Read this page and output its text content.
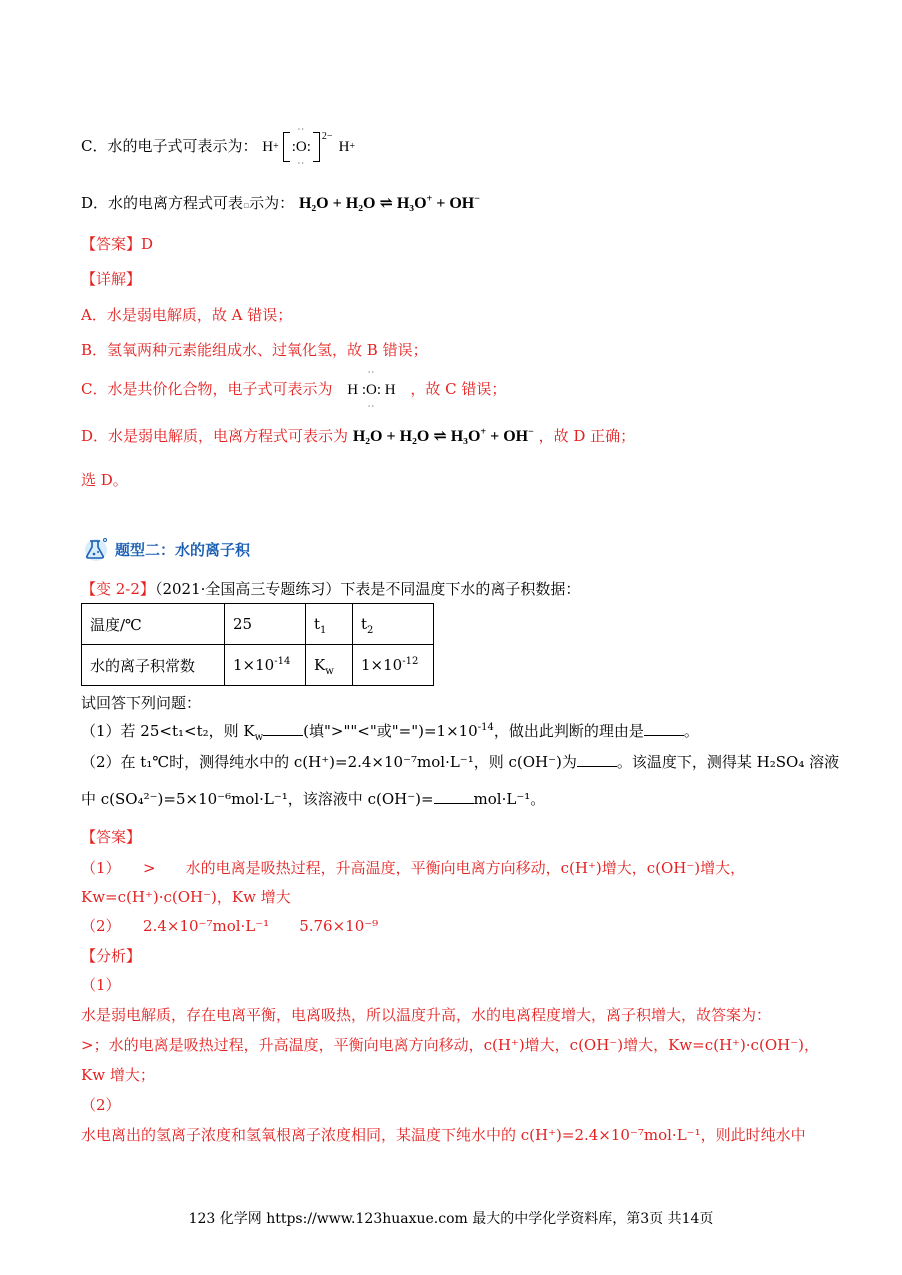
C．水的电子式可表示为： H +
··
:O:
··
$^{2-}$
H +
D．水的电离方程式可表▫示为： H₂O + H₂O ⇌ H₃O+ + OH−
【答案】D
【详解】
A．水是弱电解质，故 A 错误；
B．氢氧两种元素能组成水、过氧化氢，故 B 错误；
C．水是共价化合物，电子式可表示为
··
H :O: H
··
，故 C 错误；
D．水是弱电解质，电离方程式可表示为 H₂O + H₂O ⇌ H₃O+ + OH− ，故 D 正确；
选 D。
题型二：水的离子积
【变 2-2】（2021·全国高三专题练习）下表是不同温度下水的离子积数据：
温度/℃	25	$t_1$	$t_2$
水的离子积常数	$1\times 10^{-14}$	$K_w$	$1\times 10^{-12}$
试回答下列问题：
（1）若 25<t₁<t₂，则 $K_w$	(填">""<"或"$=")=1\times 10^{-14}$，做出此判断的理由是	。
（2）在 t₁℃时，测得纯水中的 c(H⁺)=2.4×10⁻⁷mol·L⁻¹，则 c(OH⁻)为	。该温度下，测得某 H₂SO₄ 溶液
中 c(SO₄²⁻)=5×10⁻⁶mol·L⁻¹，该溶液中 c(OH⁻)=	mol·L⁻¹。
【答案】
（1）　　>　　水的电离是吸热过程，升高温度，平衡向电离方向移动，c(H⁺)增大，c(OH⁻)增大，
Kw=c(H⁺)·c(OH⁻)，Kw 增大
（2）　　2.4×10⁻⁷mol·L⁻¹　　5.76×10⁻⁹
【分析】
（1）
水是弱电解质，存在电离平衡，电离吸热，所以温度升高，水的电离程度增大，离子积增大，故答案为：
>；水的电离是吸热过程，升高温度，平衡向电离方向移动，c(H⁺)增大，c(OH⁻)增大，Kw=c(H⁺)·c(OH⁻)，
Kw 增大；
（2）
水电离出的氢离子浓度和氢氧根离子浓度相同，某温度下纯水中的 c(H⁺)=2.4×10⁻⁷mol·L⁻¹，则此时纯水中
123 化学网 https://www.123huaxue.com 最大的中学化学资料库，第3页 共14页
